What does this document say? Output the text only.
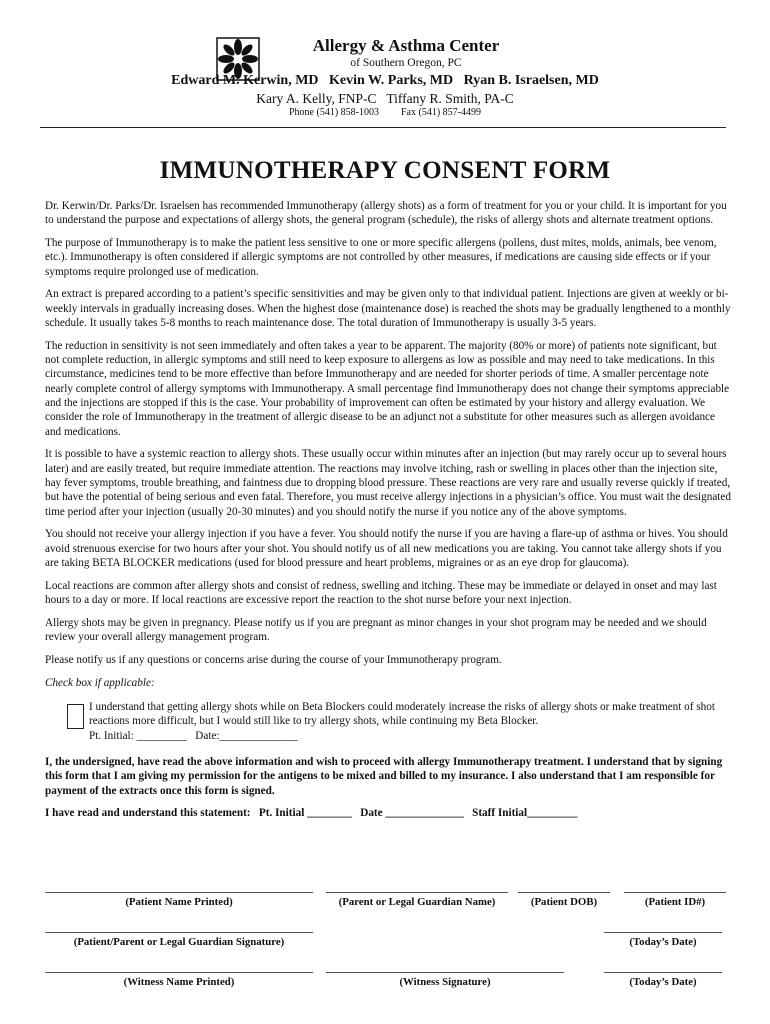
Allergy & Asthma Center
of Southern Oregon, PC
Edward M. Kerwin, MD   Kevin W. Parks, MD   Ryan B. Israelsen, MD
Kary A. Kelly, FNP-C   Tiffany R. Smith, PA-C
Phone (541) 858-1003 Fax (541) 857-4499
IMMUNOTHERAPY CONSENT FORM

Dr. Kerwin/Dr. Parks/Dr. Israelsen has recommended Immunotherapy (allergy shots) as a form of treatment for you or your child. It is important for you to understand the purpose and expectations of allergy shots, the general program (schedule), the risks of allergy shots and alternate treatment options.

The purpose of Immunotherapy is to make the patient less sensitive to one or more specific allergens (pollens, dust mites, molds, animals, bee venom, etc.). Immunotherapy is often considered if allergic symptoms are not controlled by other measures, if medications are causing side effects or if your symptoms require prolonged use of medication.

An extract is prepared according to a patient’s specific sensitivities and may be given only to that individual patient. Injections are given at weekly or bi-weekly intervals in gradually increasing doses. When the highest dose (maintenance dose) is reached the shots may be gradually lengthened to a monthly schedule. It usually takes 5-8 months to reach maintenance dose. The total duration of Immunotherapy is usually 3-5 years.

The reduction in sensitivity is not seen immediately and often takes a year to be apparent. The majority (80% or more) of patients note significant, but not complete reduction, in allergic symptoms and still need to keep exposure to allergens as low as possible and may need to take medications. In this circumstance, medicines tend to be more effective than before Immunotherapy and are needed for shorter periods of time. A smaller percentage note nearly complete control of allergy symptoms with Immunotherapy. A small percentage find Immunotherapy does not change their symptoms appreciable and the injections are stopped if this is the case. Your probability of improvement can often be estimated by your history and allergy evaluation. We consider the role of Immunotherapy in the treatment of allergic disease to be an adjunct not a substitute for other measures such as allergen avoidance and medications.

It is possible to have a systemic reaction to allergy shots. These usually occur within minutes after an injection (but may rarely occur up to several hours later) and are easily treated, but require immediate attention. The reactions may involve itching, rash or swelling in places other than the injection site, hay fever symptoms, trouble breathing, and faintness due to dropping blood pressure. These reactions are very rare and usually reverse quickly if treated, but have the potential of being serious and even fatal. Therefore, you must receive allergy injections in a physician’s office. You must wait the designated time period after your injection (usually 20-30 minutes) and you should notify the nurse if you notice any of the above symptoms.

You should not receive your allergy injection if you have a fever. You should notify the nurse if you are having a flare-up of asthma or hives. You should avoid strenuous exercise for two hours after your shot. You should notify us of all new medications you are taking. You cannot take allergy shots if you are taking BETA BLOCKER medications (used for blood pressure and heart problems, migraines or as an eye drop for glaucoma).

Local reactions are common after allergy shots and consist of redness, swelling and itching. These may be immediate or delayed in onset and may last hours to a day or more. If local reactions are excessive report the reaction to the shot nurse before your next injection.

Allergy shots may be given in pregnancy. Please notify us if you are pregnant as minor changes in your shot program may be needed and we should review your overall allergy management program.

Please notify us if any questions or concerns arise during the course of your Immunotherapy program.

Check box if applicable:
I understand that getting allergy shots while on Beta Blockers could moderately increase the risks of allergy shots or make treatment of shot reactions more difficult, but I would still like to try allergy shots, while continuing my Beta Blocker.
Pt. Initial: _________   Date:______________

I, the undersigned, have read the above information and wish to proceed with allergy Immunotherapy treatment. I understand that by signing this form that I am giving my permission for the antigens to be mixed and billed to my insurance. I also understand that I am responsible for payment of the extracts once this form is signed.

I have read and understand this statement:   Pt. Initial ________   Date ______________   Staff Initial_________

(Patient Name Printed)	(Parent or Legal Guardian Name)	(Patient DOB)	(Patient ID#)
(Patient/Parent or Legal Guardian Signature)	(Today’s Date)
(Witness Name Printed)	(Witness Signature)	(Today’s Date)
